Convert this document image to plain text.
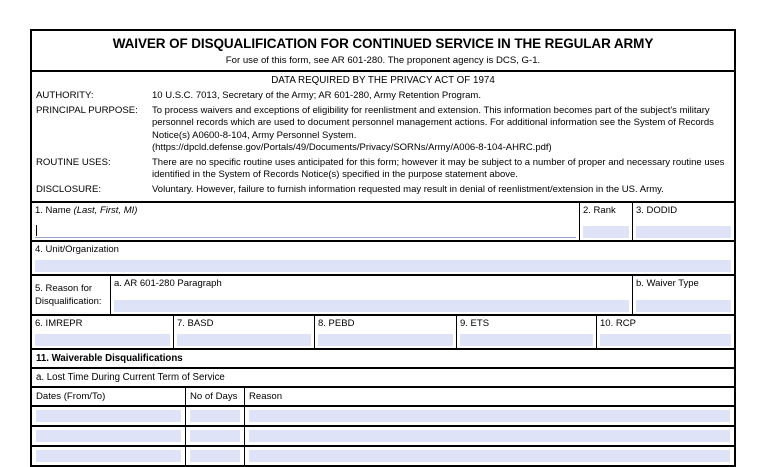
WAIVER OF DISQUALIFICATION FOR CONTINUED SERVICE IN THE REGULAR ARMY
For use of this form, see AR 601-280. The proponent agency is DCS, G-1.
DATA REQUIRED BY THE PRIVACY ACT OF 1974
AUTHORITY:	10 U.S.C. 7013, Secretary of the Army; AR 601-280, Army Retention Program.
PRINCIPAL PURPOSE:	To process waivers and exceptions of eligibility for reenlistment and extension. This information becomes part of the subject's military personnel records which are used to document personnel management actions. For additional information see the System of Records Notice(s) A0600-8-104, Army Personnel System.

(https://dpcld.defense.gov/Portals/49/Documents/Privacy/SORNs/Army/A006-8-104-AHRC.pdf)

ROUTINE USES:	There are no specific routine uses anticipated for this form; however it may be subject to a number of proper and necessary routine uses identified in the System of Records Notice(s) specified in the purpose statement above.
DISCLOSURE:	Voluntary. However, failure to furnish information requested may result in denial of reenlistment/extension in the US. Army.
1. Name (Last, First, MI)	2. Rank	3. DODID
4. Unit/Organization
5. Reason for
Disqualification:
a. AR 601-280 Paragraph	b. Waiver Type
6. IMREPR	7. BASD	8. PEBD	9. ETS	10. RCP
11. Waiverable Disqualifications
a. Lost Time During Current Term of Service
Dates (From/To)	No of Days	Reason
